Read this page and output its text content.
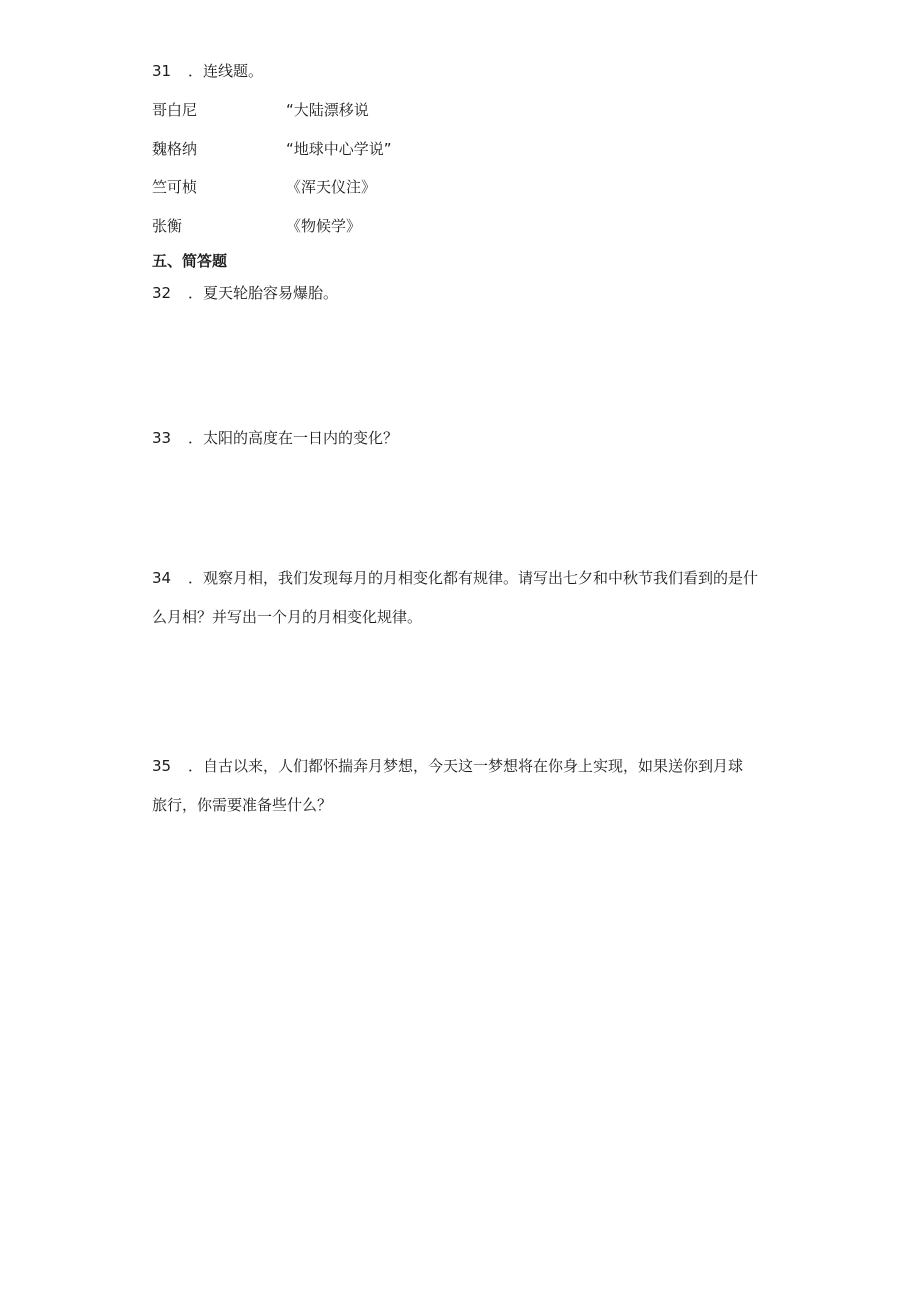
31 ．连线题。
哥白尼	“大陆漂移说
魏格纳	“地球中心学说”
竺可桢	《浑天仪注》
张衡	《物候学》
五、简答题
32 ．夏天轮胎容易爆胎。
33 ．太阳的高度在一日内的变化？
34 ．观察月相，我们发现每月的月相变化都有规律。请写出七夕和中秋节我们看到的是什
么月相？并写出一个月的月相变化规律。
35 ．自古以来，人们都怀揣奔月梦想，今天这一梦想将在你身上实现，如果送你到月球
旅行，你需要准备些什么？
